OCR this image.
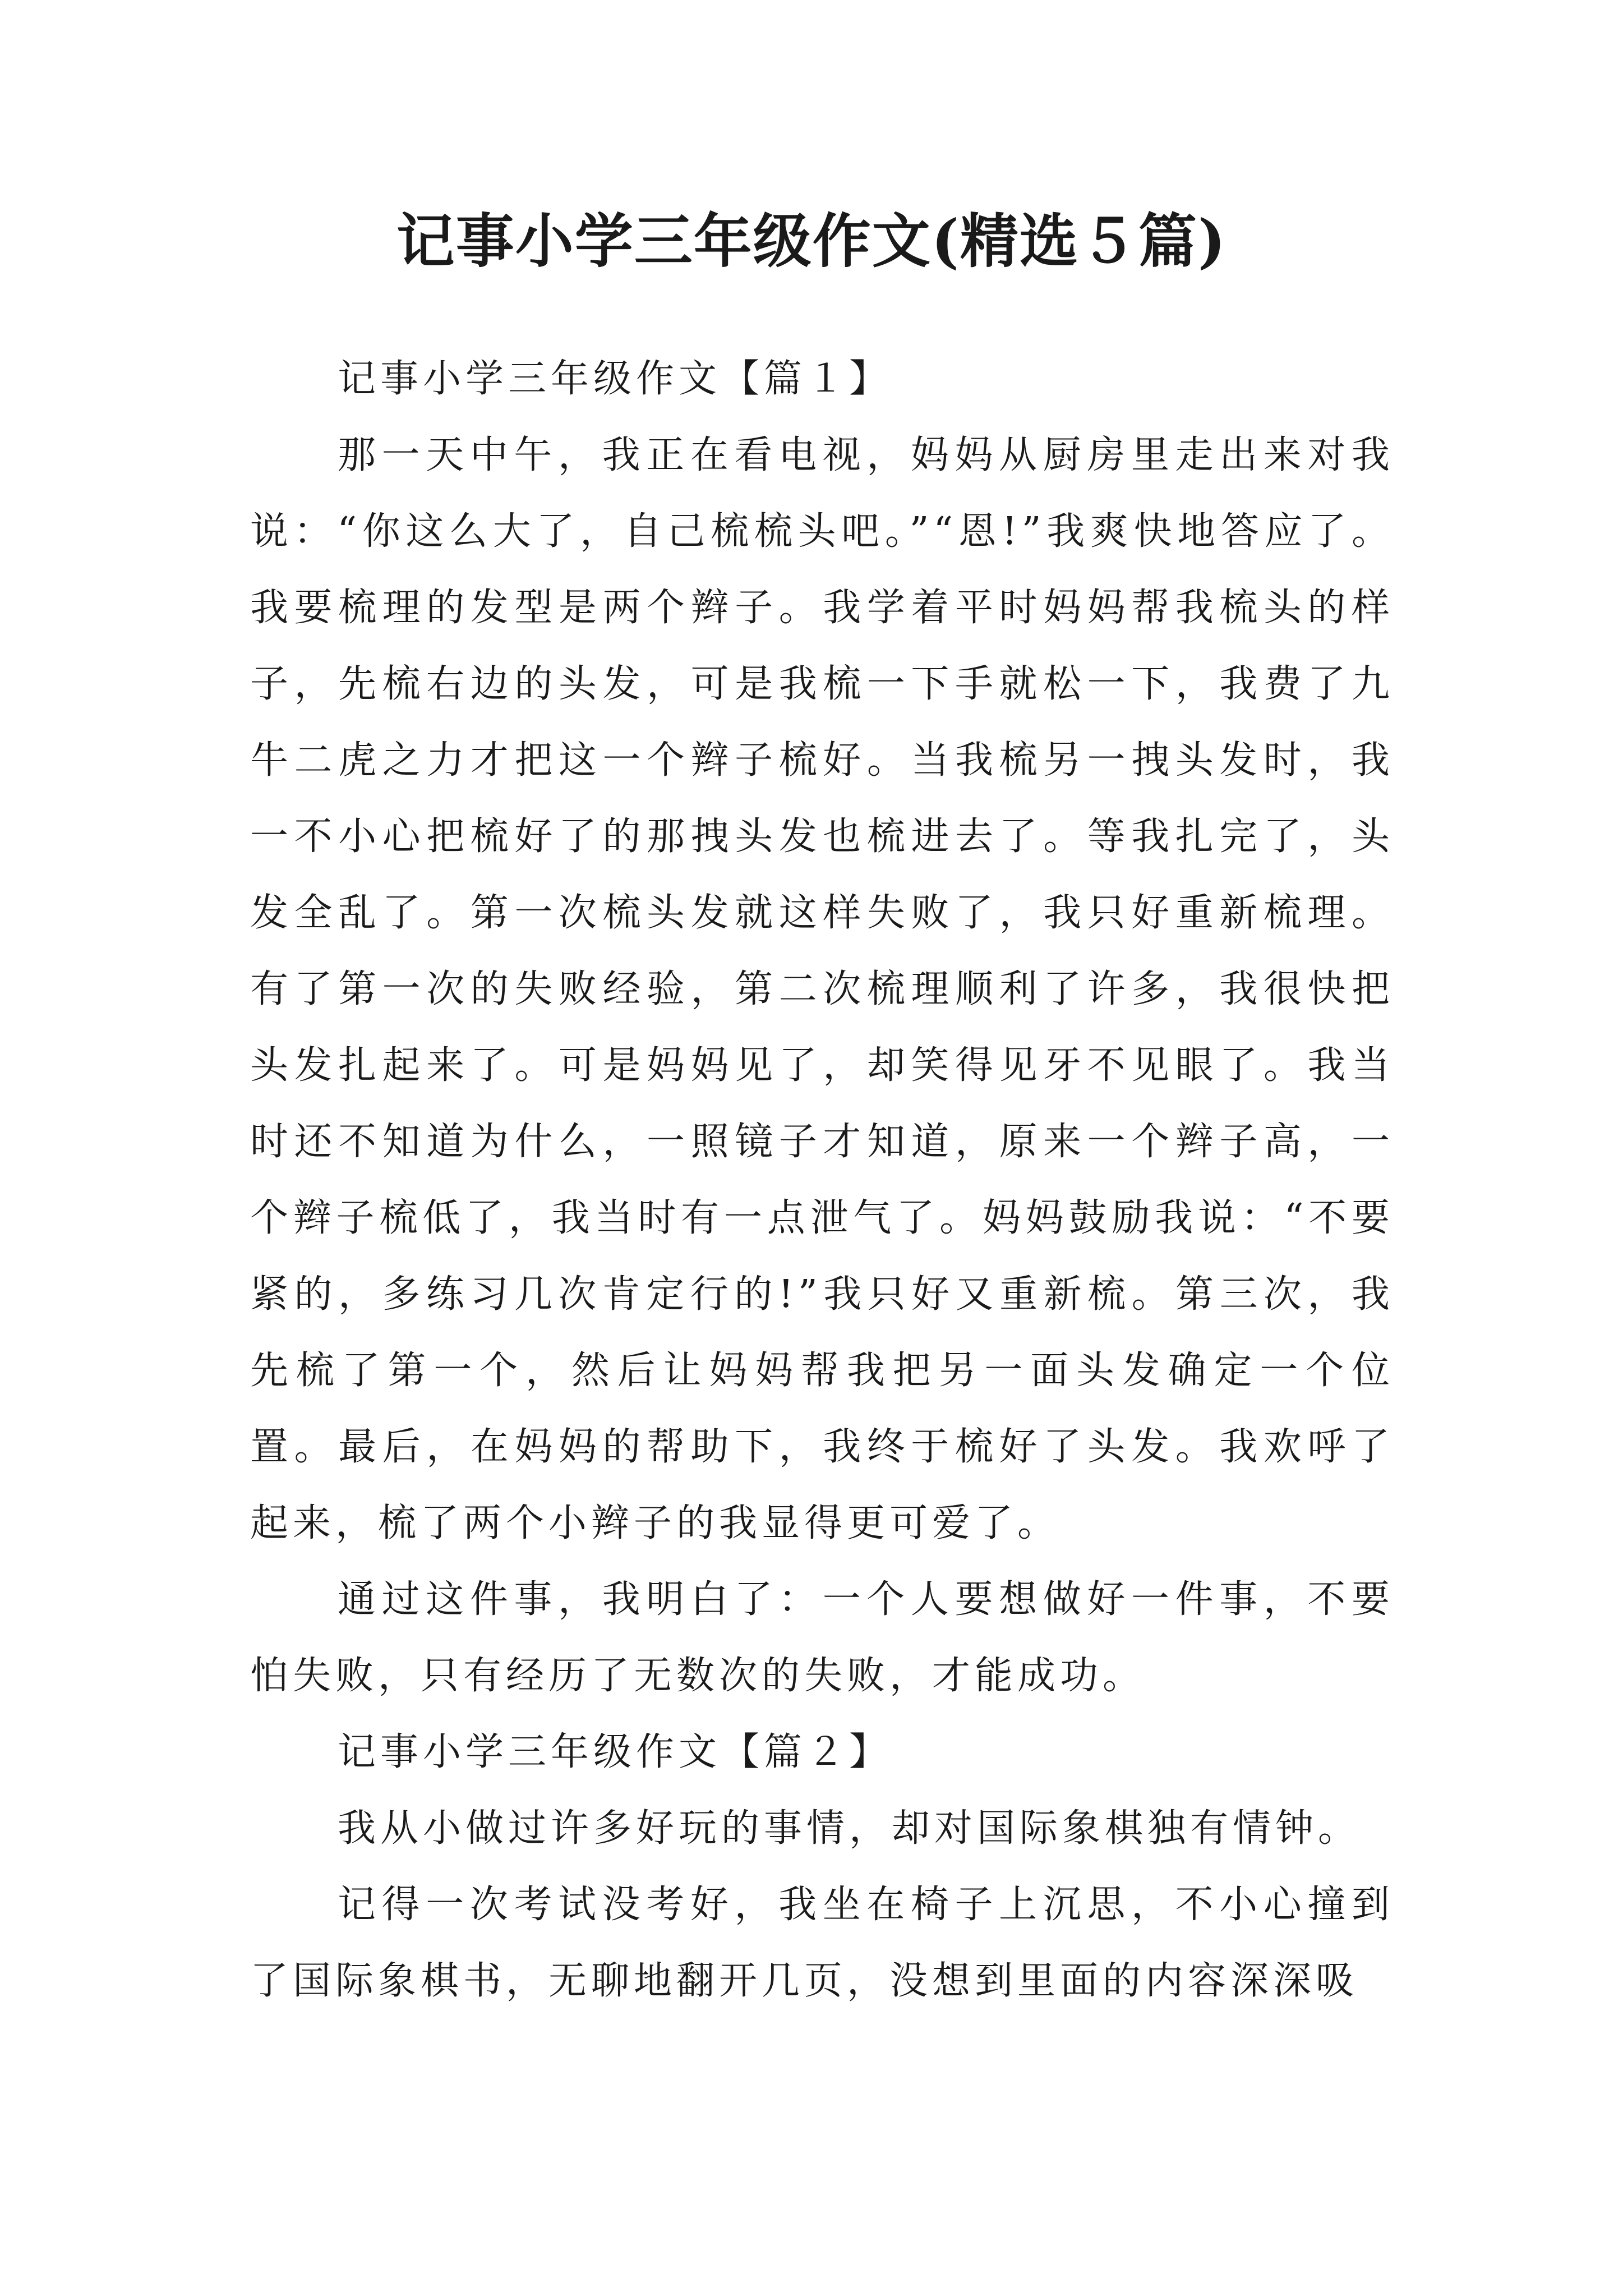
记事小学三年级作文(精选５篇)

记事小学三年级作文【篇１】

那一天中午，我正在看电视，妈妈从厨房里走出来对我说：“你这么大了，自己梳梳头吧。”“恩!”我爽快地答应了。我要梳理的发型是两个辫子。我学着平时妈妈帮我梳头的样子，先梳右边的头发，可是我梳一下手就松一下，我费了九牛二虎之力才把这一个辫子梳好。当我梳另一拽头发时，我一不小心把梳好了的那拽头发也梳进去了。等我扎完了，头发全乱了。第一次梳头发就这样失败了，我只好重新梳理。有了第一次的失败经验，第二次梳理顺利了许多，我很快把头发扎起来了。可是妈妈见了，却笑得见牙不见眼了。我当时还不知道为什么，一照镜子才知道，原来一个辫子高，一个辫子梳低了，我当时有一点泄气了。妈妈鼓励我说：“不要紧的，多练习几次肯定行的!”我只好又重新梳。第三次，我先梳了第一个，然后让妈妈帮我把另一面头发确定一个位置。最后，在妈妈的帮助下，我终于梳好了头发。我欢呼了起来，梳了两个小辫子的我显得更可爱了。

通过这件事，我明白了：一个人要想做好一件事，不要怕失败，只有经历了无数次的失败，才能成功。

记事小学三年级作文【篇２】

我从小做过许多好玩的事情，却对国际象棋独有情钟。

记得一次考试没考好，我坐在椅子上沉思，不小心撞到了国际象棋书，无聊地翻开几页，没想到里面的内容深深吸
